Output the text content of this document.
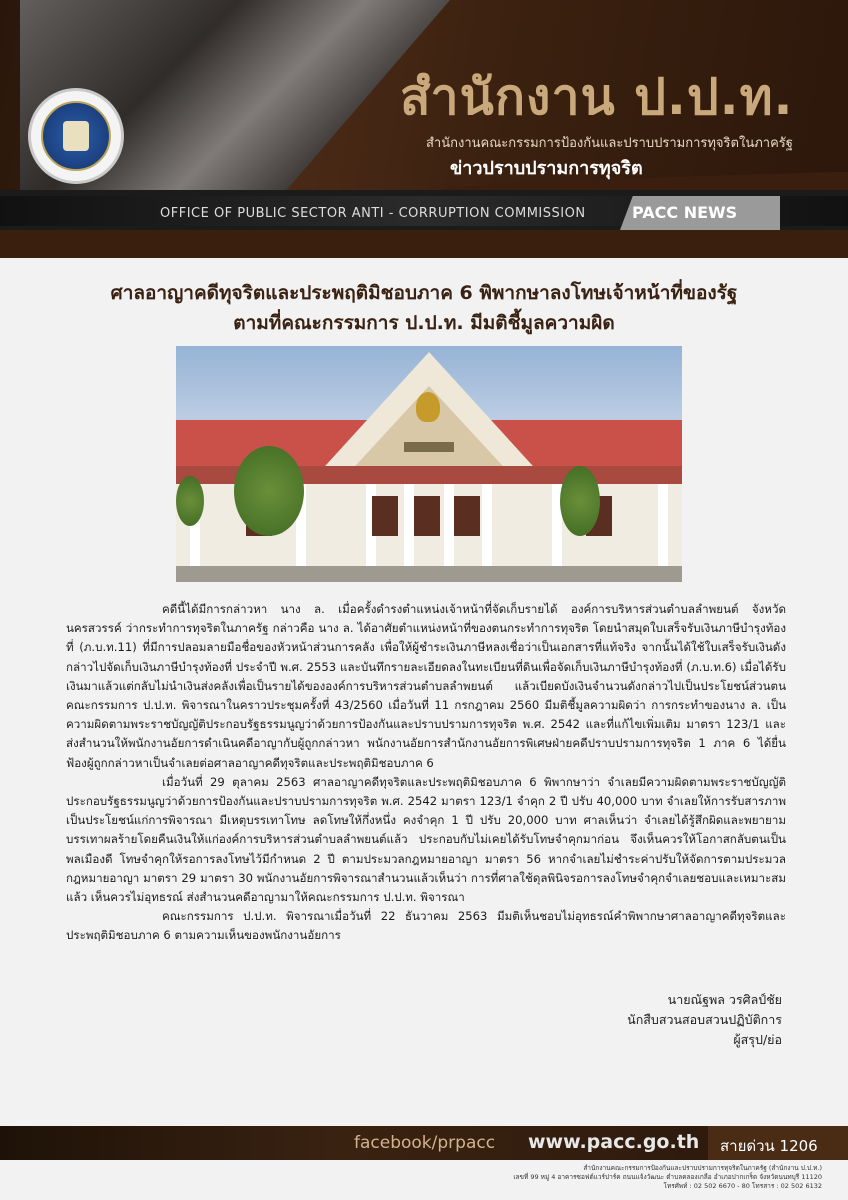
สำนักงาน ป.ป.ท.
สำนักงานคณะกรรมการป้องกันและปราบปรามการทุจริตในภาครัฐ
ข่าวปราบปรามการทุจริต
OFFICE OF PUBLIC SECTOR ANTI - CORRUPTION COMMISSION	PACC NEWS
ศาลอาญาคดีทุจริตและประพฤติมิชอบภาค 6 พิพากษาลงโทษเจ้าหน้าที่ของรัฐ
ตามที่คณะกรรมการ ป.ป.ท. มีมติชี้มูลความผิด

คดีนี้ได้มีการกล่าวหา นาง ล. เมื่อครั้งดำรงตำแหน่งเจ้าหน้าที่จัดเก็บรายได้ องค์การบริหารส่วนตำบลลำพยนต์ จังหวัดนครสวรรค์ ว่ากระทำการทุจริตในภาครัฐ กล่าวคือ นาง ล. ได้อาศัยตำแหน่งหน้าที่ของตนกระทำการทุจริต โดยนำสมุดใบเสร็จรับเงินภาษีบำรุงท้องที่ (ภ.บ.ท.11) ที่มีการปลอมลายมือชื่อของหัวหน้าส่วนการคลัง เพื่อให้ผู้ชำระเงินภาษีหลงเชื่อว่าเป็นเอกสารที่แท้จริง จากนั้นได้ใช้ใบเสร็จรับเงินดังกล่าวไปจัดเก็บเงินภาษีบำรุงท้องที่ ประจำปี พ.ศ. 2553 และบันทึกรายละเอียดลงในทะเบียนที่ดินเพื่อจัดเก็บเงินภาษีบำรุงท้องที่ (ภ.บ.ท.6) เมื่อได้รับเงินมาแล้วแต่กลับไม่นำเงินส่งคลังเพื่อเป็นรายได้ขององค์การบริหารส่วนตำบลลำพยนต์ แล้วเบียดบังเงินจำนวนดังกล่าวไปเป็นประโยชน์ส่วนตน คณะกรรมการ ป.ป.ท. พิจารณาในคราวประชุมครั้งที่ 43/2560 เมื่อวันที่ 11 กรกฎาคม 2560 มีมติชี้มูลความผิดว่า การกระทำของนาง ล. เป็นความผิดตามพระราชบัญญัติประกอบรัฐธรรมนูญว่าด้วยการป้องกันและปราบปรามการทุจริต พ.ศ. 2542 และที่แก้ไขเพิ่มเติม มาตรา 123/1 และส่งสำนวนให้พนักงานอัยการดำเนินคดีอาญากับผู้ถูกกล่าวหา พนักงานอัยการสำนักงานอัยการพิเศษฝ่ายคดีปราบปรามการทุจริต 1 ภาค 6 ได้ยื่นฟ้องผู้ถูกกล่าวหาเป็นจำเลยต่อศาลอาญาคดีทุจริตและประพฤติมิชอบภาค 6

เมื่อวันที่ 29 ตุลาคม 2563 ศาลอาญาคดีทุจริตและประพฤติมิชอบภาค 6 พิพากษาว่า จำเลยมีความผิดตามพระราชบัญญัติประกอบรัฐธรรมนูญว่าด้วยการป้องกันและปราบปรามการทุจริต พ.ศ. 2542 มาตรา 123/1 จำคุก 2 ปี ปรับ 40,000 บาท จำเลยให้การรับสารภาพเป็นประโยชน์แก่การพิจารณา มีเหตุบรรเทาโทษ ลดโทษให้กึ่งหนึ่ง คงจำคุก 1 ปี ปรับ 20,000 บาท ศาลเห็นว่า จำเลยได้รู้สึกผิดและพยายามบรรเทาผลร้ายโดยคืนเงินให้แก่องค์การบริหารส่วนตำบลลำพยนต์แล้ว ประกอบกับไม่เคยได้รับโทษจำคุกมาก่อน จึงเห็นควรให้โอกาสกลับตนเป็นพลเมืองดี โทษจำคุกให้รอการลงโทษไว้มีกำหนด 2 ปี ตามประมวลกฎหมายอาญา มาตรา 56 หากจำเลยไม่ชำระค่าปรับให้จัดการตามประมวลกฎหมายอาญา มาตรา 29 มาตรา 30 พนักงานอัยการพิจารณาสำนวนแล้วเห็นว่า การที่ศาลใช้ดุลพินิจรอการลงโทษจำคุกจำเลยชอบและเหมาะสมแล้ว เห็นควรไม่อุทธรณ์ ส่งสำนวนคดีอาญามาให้คณะกรรมการ ป.ป.ท. พิจารณา

คณะกรรมการ ป.ป.ท. พิจารณาเมื่อวันที่ 22 ธันวาคม 2563 มีมติเห็นชอบไม่อุทธรณ์คำพิพากษาศาลอาญาคดีทุจริตและประพฤติมิชอบภาค 6 ตามความเห็นของพนักงานอัยการ

นายณัฐพล วรศิลป์ชัย
นักสืบสวนสอบสวนปฏิบัติการ
ผู้สรุป/ย่อ
facebook/prpacc www.pacc.go.th สายด่วน 1206
สำนักงานคณะกรรมการป้องกันและปราบปรามการทุจริตในภาครัฐ (สำนักงาน ป.ป.ท.)
เลขที่ 99 หมู่ 4 อาคารซอฟต์แวร์ปาร์ค ถนนแจ้งวัฒนะ ตำบลคลองเกลือ อำเภอปากเกร็ด จังหวัดนนทบุรี 11120
โทรศัพท์ : 02 502 6670 - 80 โทรสาร : 02 502 6132
